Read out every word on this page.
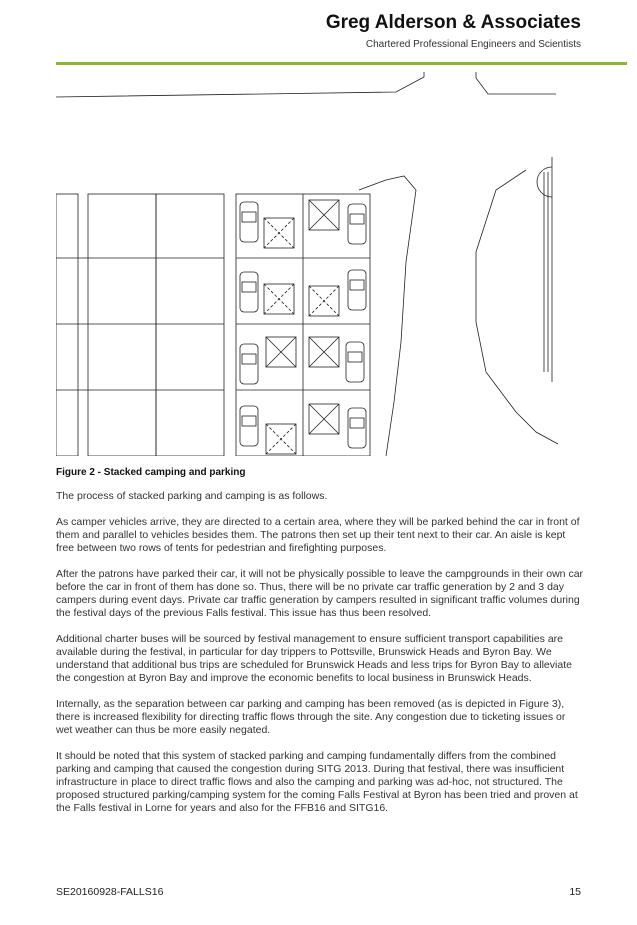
Greg Alderson & Associates
Chartered Professional Engineers and Scientists
Figure 2 - Stacked camping and parking

The process of stacked parking and camping is as follows.

As camper vehicles arrive, they are directed to a certain area, where they will be parked behind the car in front of them and parallel to vehicles besides them. The patrons then set up their tent next to their car. An aisle is kept free between two rows of tents for pedestrian and firefighting purposes.

After the patrons have parked their car, it will not be physically possible to leave the campgrounds in their own car before the car in front of them has done so. Thus, there will be no private car traffic generation by 2 and 3 day campers during event days. Private car traffic generation by campers resulted in significant traffic volumes during the festival days of the previous Falls festival. This issue has thus been resolved.

Additional charter buses will be sourced by festival management to ensure sufficient transport capabilities are available during the festival, in particular for day trippers to Pottsville, Brunswick Heads and Byron Bay. We understand that additional bus trips are scheduled for Brunswick Heads and less trips for Byron Bay to alleviate the congestion at Byron Bay and improve the economic benefits to local business in Brunswick Heads.

Internally, as the separation between car parking and camping has been removed (as is depicted in Figure 3), there is increased flexibility for directing traffic flows through the site. Any congestion due to ticketing issues or wet weather can thus be more easily negated.

It should be noted that this system of stacked parking and camping fundamentally differs from the combined parking and camping that caused the congestion during SITG 2013. During that festival, there was insufficient infrastructure in place to direct traffic flows and also the camping and parking was ad-hoc, not structured. The proposed structured parking/camping system for the coming Falls Festival at Byron has been tried and proven at the Falls festival in Lorne for years and also for the FFB16 and SITG16.

SE20160928-FALLS16	15
